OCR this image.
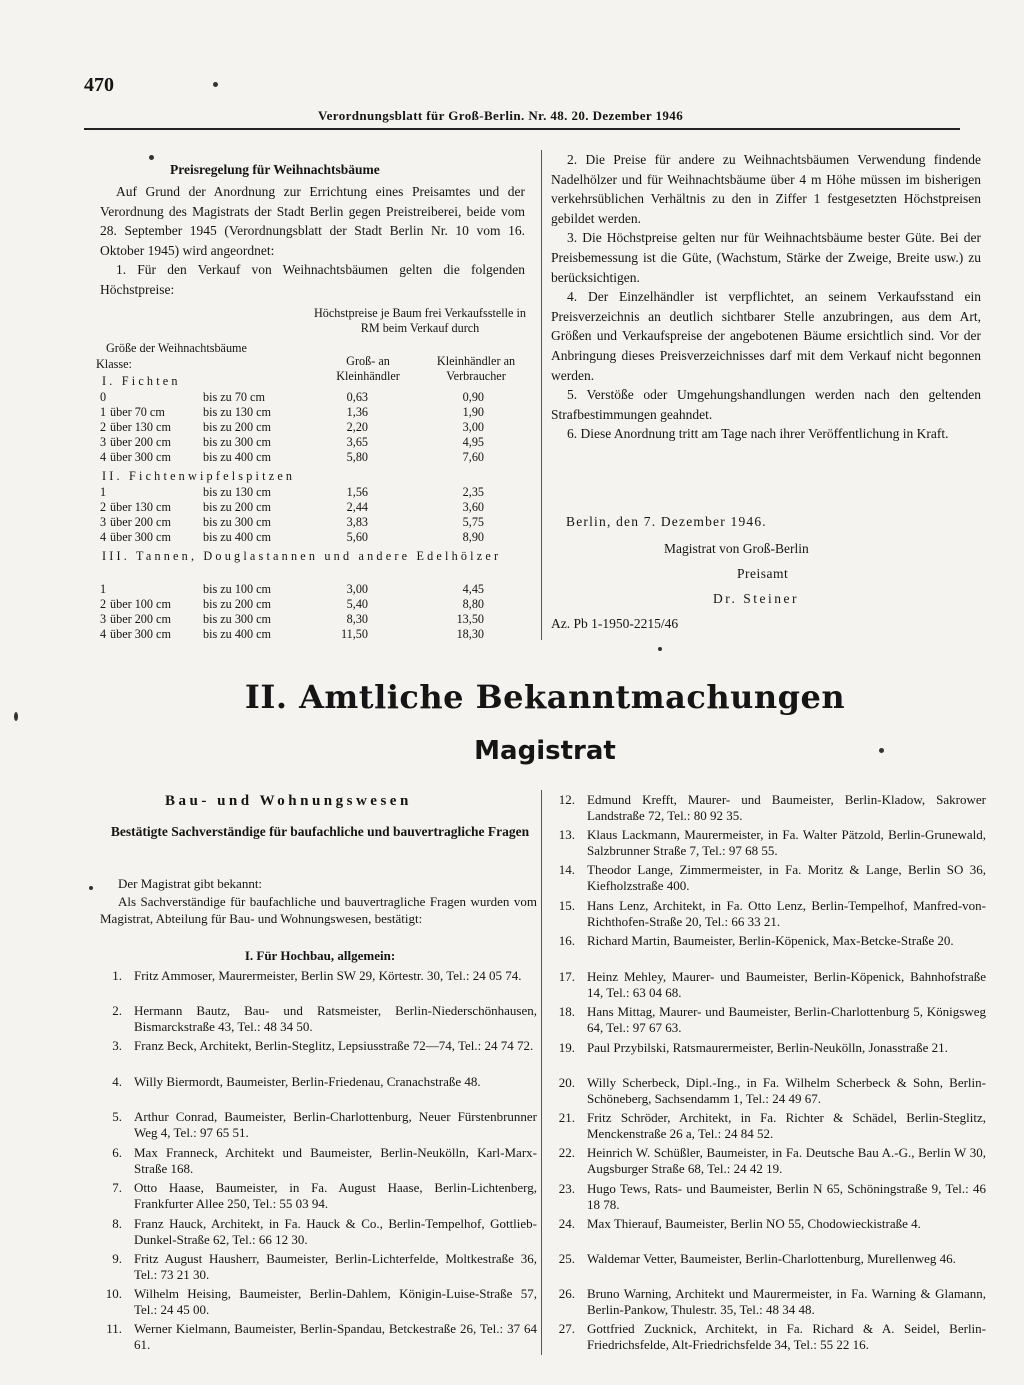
470
Verordnungsblatt für Groß-Berlin. Nr. 48. 20. Dezember 1946
Preisregelung für Weihnachtsbäume

Auf Grund der Anordnung zur Errichtung eines Preisamtes und der Verordnung des Magistrats der Stadt Berlin gegen Preistreiberei, beide vom 28. September 1945 (Verordnungsblatt der Stadt Berlin Nr. 10 vom 16. Oktober 1945) wird angeordnet:

1. Für den Verkauf von Weihnachtsbäumen gelten die folgenden Höchstpreise:

Höchstpreise je Baum frei Verkaufsstelle in RM beim Verkauf durch
Größe der Weihnachtsbäume
Klasse:	Groß- an Kleinhändler
Kleinhändler an Verbraucher
I. Fichten
0	bis zu 70 cm	0,63	0,90
1 über 70 cm	bis zu 130 cm	1,36	1,90
2 über 130 cm	bis zu 200 cm	2,20	3,00
3 über 200 cm	bis zu 300 cm	3,65	4,95
4 über 300 cm	bis zu 400 cm	5,80	7,60
II. Fichtenwipfelspitzen
1	bis zu 130 cm	1,56	2,35
2 über 130 cm	bis zu 200 cm	2,44	3,60
3 über 200 cm	bis zu 300 cm	3,83	5,75
4 über 300 cm	bis zu 400 cm	5,60	8,90
III. Tannen, Douglastannen und andere Edelhölzer
1	bis zu 100 cm	3,00	4,45
2 über 100 cm	bis zu 200 cm	5,40	8,80
3 über 200 cm	bis zu 300 cm	8,30	13,50
4 über 300 cm	bis zu 400 cm	11,50	18,30

2. Die Preise für andere zu Weihnachtsbäumen Verwendung findende Nadelhölzer und für Weihnachtsbäume über 4 m Höhe müssen im bisherigen verkehrsüblichen Verhältnis zu den in Ziffer 1 festgesetzten Höchstpreisen gebildet werden.

3. Die Höchstpreise gelten nur für Weihnachtsbäume bester Güte. Bei der Preisbemessung ist die Güte, (Wachstum, Stärke der Zweige, Breite usw.) zu berücksichtigen.

4. Der Einzelhändler ist verpflichtet, an seinem Verkaufsstand ein Preisverzeichnis an deutlich sichtbarer Stelle anzubringen, aus dem Art, Größen und Verkaufspreise der angebotenen Bäume ersichtlich sind. Vor der Anbringung dieses Preisverzeichnisses darf mit dem Verkauf nicht begonnen werden.

5. Verstöße oder Umgehungshandlungen werden nach den geltenden Strafbestimmungen geahndet.

6. Diese Anordnung tritt am Tage nach ihrer Veröffentlichung in Kraft.

Berlin, den 7. Dezember 1946.
Magistrat von Groß-Berlin
Preisamt
Dr. Steiner
Az. Pb 1-1950-2215/46
II. Amtliche Bekanntmachungen
Magistrat
Bau- und Wohnungswesen
Bestätigte Sachverständige für baufachliche und bauvertragliche Fragen

Der Magistrat gibt bekannt:

Als Sachverständige für baufachliche und bauvertragliche Fragen wurden vom Magistrat, Abteilung für Bau- und Wohnungswesen, bestätigt:

I. Für Hochbau, allgemein:
1. Fritz Ammoser, Maurermeister, Berlin SW 29, Körtestr. 30, Tel.: 24 05 74.
2. Hermann Bautz, Bau- und Ratsmeister, Berlin-Niederschönhausen, Bismarckstraße 43, Tel.: 48 34 50.
3. Franz Beck, Architekt, Berlin-Steglitz, Lepsiusstraße 72—74, Tel.: 24 74 72.
4. Willy Biermordt, Baumeister, Berlin-Friedenau, Cranachstraße 48.
5. Arthur Conrad, Baumeister, Berlin-Charlottenburg, Neuer Fürstenbrunner Weg 4, Tel.: 97 65 51.
6. Max Franneck, Architekt und Baumeister, Berlin-Neukölln, Karl-Marx-Straße 168.
7. Otto Haase, Baumeister, in Fa. August Haase, Berlin-Lichtenberg, Frankfurter Allee 250, Tel.: 55 03 94.
8. Franz Hauck, Architekt, in Fa. Hauck & Co., Berlin-Tempelhof, Gottlieb-Dunkel-Straße 62, Tel.: 66 12 30.
9. Fritz August Hausherr, Baumeister, Berlin-Lichterfelde, Moltkestraße 36, Tel.: 73 21 30.
10. Wilhelm Heising, Baumeister, Berlin-Dahlem, Königin-Luise-Straße 57, Tel.: 24 45 00.
11. Werner Kielmann, Baumeister, Berlin-Spandau, Betckestraße 26, Tel.: 37 64 61.
12. Edmund Krefft, Maurer- und Baumeister, Berlin-Kladow, Sakrower Landstraße 72, Tel.: 80 92 35.
13. Klaus Lackmann, Maurermeister, in Fa. Walter Pätzold, Berlin-Grunewald, Salzbrunner Straße 7, Tel.: 97 68 55.
14. Theodor Lange, Zimmermeister, in Fa. Moritz & Lange, Berlin SO 36, Kiefholzstraße 400.
15. Hans Lenz, Architekt, in Fa. Otto Lenz, Berlin-Tempelhof, Manfred-von-Richthofen-Straße 20, Tel.: 66 33 21.
16. Richard Martin, Baumeister, Berlin-Köpenick, Max-Betcke-Straße 20.
17. Heinz Mehley, Maurer- und Baumeister, Berlin-Köpenick, Bahnhofstraße 14, Tel.: 63 04 68.
18. Hans Mittag, Maurer- und Baumeister, Berlin-Charlottenburg 5, Königsweg 64, Tel.: 97 67 63.
19. Paul Przybilski, Ratsmaurermeister, Berlin-Neukölln, Jonasstraße 21.
20. Willy Scherbeck, Dipl.-Ing., in Fa. Wilhelm Scherbeck & Sohn, Berlin-Schöneberg, Sachsendamm 1, Tel.: 24 49 67.
21. Fritz Schröder, Architekt, in Fa. Richter & Schädel, Berlin-Steglitz, Menckenstraße 26 a, Tel.: 24 84 52.
22. Heinrich W. Schüßler, Baumeister, in Fa. Deutsche Bau A.-G., Berlin W 30, Augsburger Straße 68, Tel.: 24 42 19.
23. Hugo Tews, Rats- und Baumeister, Berlin N 65, Schöningstraße 9, Tel.: 46 18 78.
24. Max Thierauf, Baumeister, Berlin NO 55, Chodowieckistraße 4.
25. Waldemar Vetter, Baumeister, Berlin-Charlottenburg, Murellenweg 46.
26. Bruno Warning, Architekt und Maurermeister, in Fa. Warning & Glamann, Berlin-Pankow, Thulestr. 35, Tel.: 48 34 48.
27. Gottfried Zucknick, Architekt, in Fa. Richard & A. Seidel, Berlin-Friedrichsfelde, Alt-Friedrichsfelde 34, Tel.: 55 22 16.
